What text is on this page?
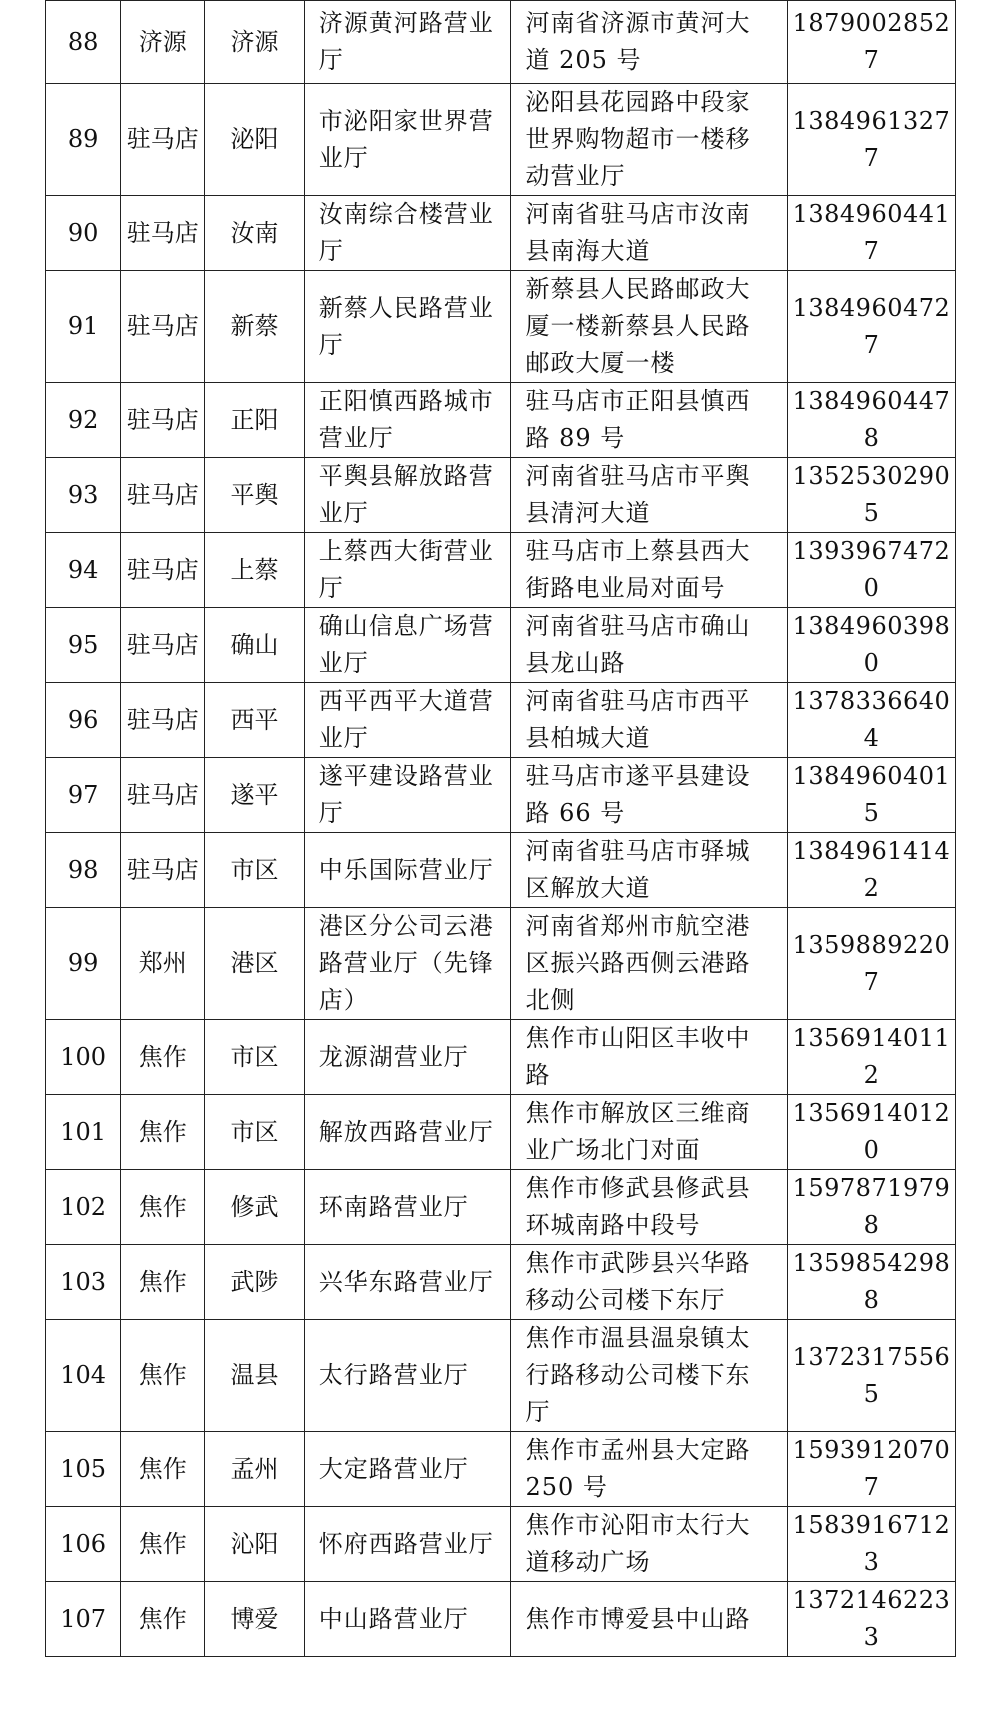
88	济源	济源	济源黄河路营业厅	河南省济源市黄河大道 205 号	18790028527
89	驻马店	泌阳	市泌阳家世界营业厅	泌阳县花园路中段家世界购物超市一楼移动营业厅	13849613277
90	驻马店	汝南	汝南综合楼营业厅	河南省驻马店市汝南县南海大道	13849604417
91	驻马店	新蔡	新蔡人民路营业厅	新蔡县人民路邮政大厦一楼新蔡县人民路邮政大厦一楼	13849604727
92	驻马店	正阳	正阳慎西路城市营业厅	驻马店市正阳县慎西路 89 号	13849604478
93	驻马店	平舆	平舆县解放路营业厅	河南省驻马店市平舆县清河大道	13525302905
94	驻马店	上蔡	上蔡西大街营业厅	驻马店市上蔡县西大街路电业局对面号	13939674720
95	驻马店	确山	确山信息广场营业厅	河南省驻马店市确山县龙山路	13849603980
96	驻马店	西平	西平西平大道营业厅	河南省驻马店市西平县柏城大道	13783366404
97	驻马店	遂平	遂平建设路营业厅	驻马店市遂平县建设路 66 号	13849604015
98	驻马店	市区	中乐国际营业厅	河南省驻马店市驿城区解放大道	13849614142
99	郑州	港区	港区分公司云港路营业厅（先锋店）	河南省郑州市航空港区振兴路西侧云港路北侧	13598892207
100	焦作	市区	龙源湖营业厅	焦作市山阳区丰收中路	13569140112
101	焦作	市区	解放西路营业厅	焦作市解放区三维商业广场北门对面	13569140120
102	焦作	修武	环南路营业厅	焦作市修武县修武县环城南路中段号	15978719798
103	焦作	武陟	兴华东路营业厅	焦作市武陟县兴华路移动公司楼下东厅	13598542988
104	焦作	温县	太行路营业厅	焦作市温县温泉镇太行路移动公司楼下东厅	13723175565
105	焦作	孟州	大定路营业厅	焦作市孟州县大定路 250 号	15939120707
106	焦作	沁阳	怀府西路营业厅	焦作市沁阳市太行大道移动广场	15839167123
107	焦作	博爱	中山路营业厅	焦作市博爱县中山路	13721462233
